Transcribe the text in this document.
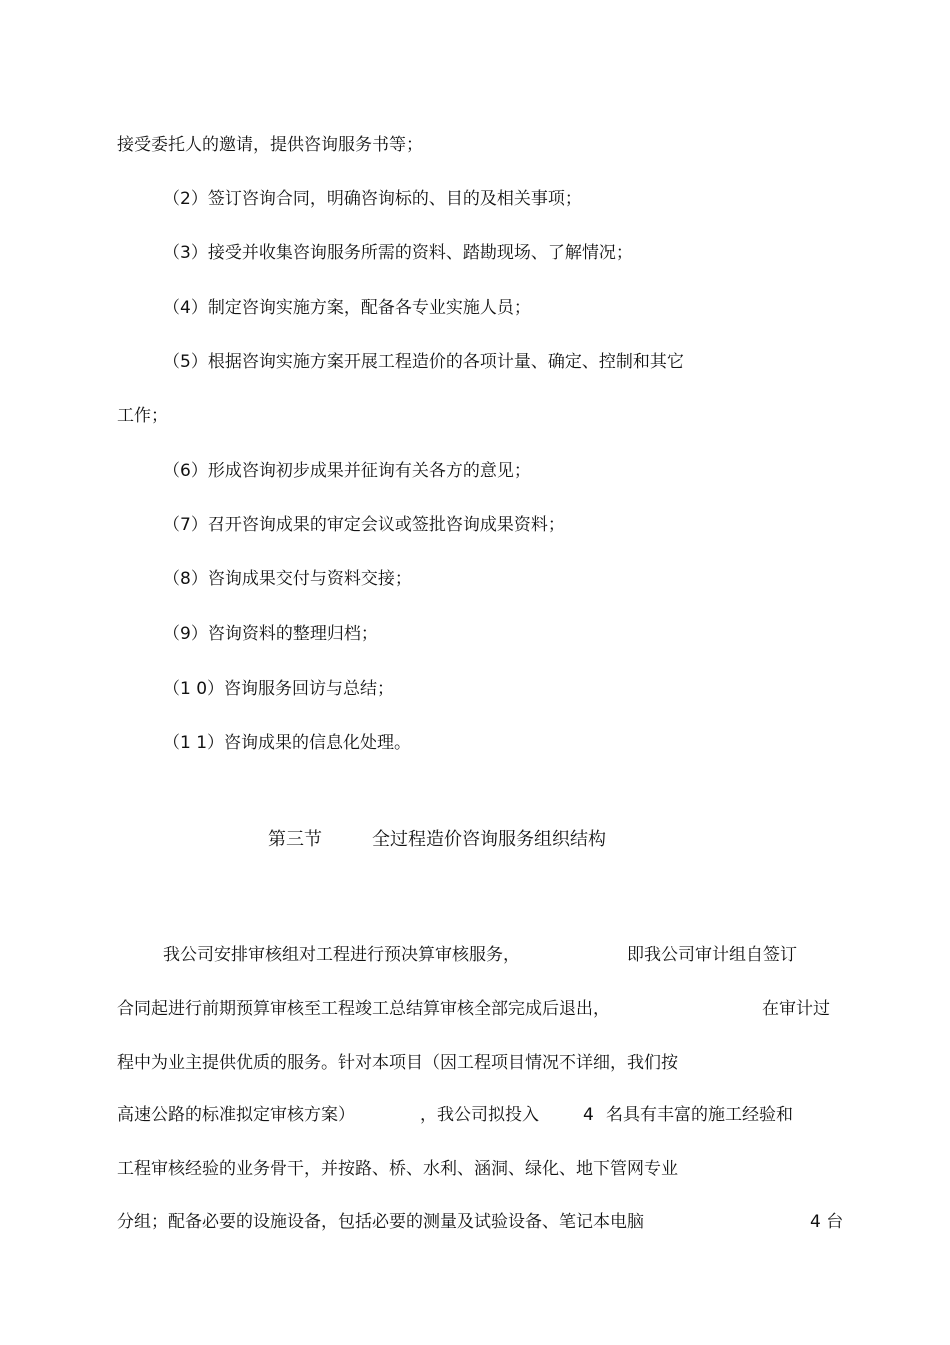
接受委托人的邀请，提供咨询服务书等；
（2）签订咨询合同，明确咨询标的、目的及相关事项；
（3）接受并收集咨询服务所需的资料、踏勘现场、了解情况；
（4）制定咨询实施方案，配备各专业实施人员；
（5）根据咨询实施方案开展工程造价的各项计量、确定、控制和其它
工作；
（6）形成咨询初步成果并征询有关各方的意见；
（7）召开咨询成果的审定会议或签批咨询成果资料；
（8）咨询成果交付与资料交接；
（9）咨询资料的整理归档；
（1 0）咨询服务回访与总结；
（1 1）咨询成果的信息化处理。
第三节	全过程造价咨询服务组织结构
我公司安排审核组对工程进行预决算审核服务，	即我公司审计组自签订
合同起进行前期预算审核至工程竣工总结算审核全部完成后退出，	在审计过
程中为业主提供优质的服务。针对本项目（因工程项目情况不详细，我们按
高速公路的标准拟定审核方案）	，我公司拟投入	4 名具有丰富的施工经验和
工程审核经验的业务骨干，并按路、桥、水利、涵洞、绿化、地下管网专业
分组；配备必要的设施设备，包括必要的测量及试验设备、笔记本电脑	4 台
